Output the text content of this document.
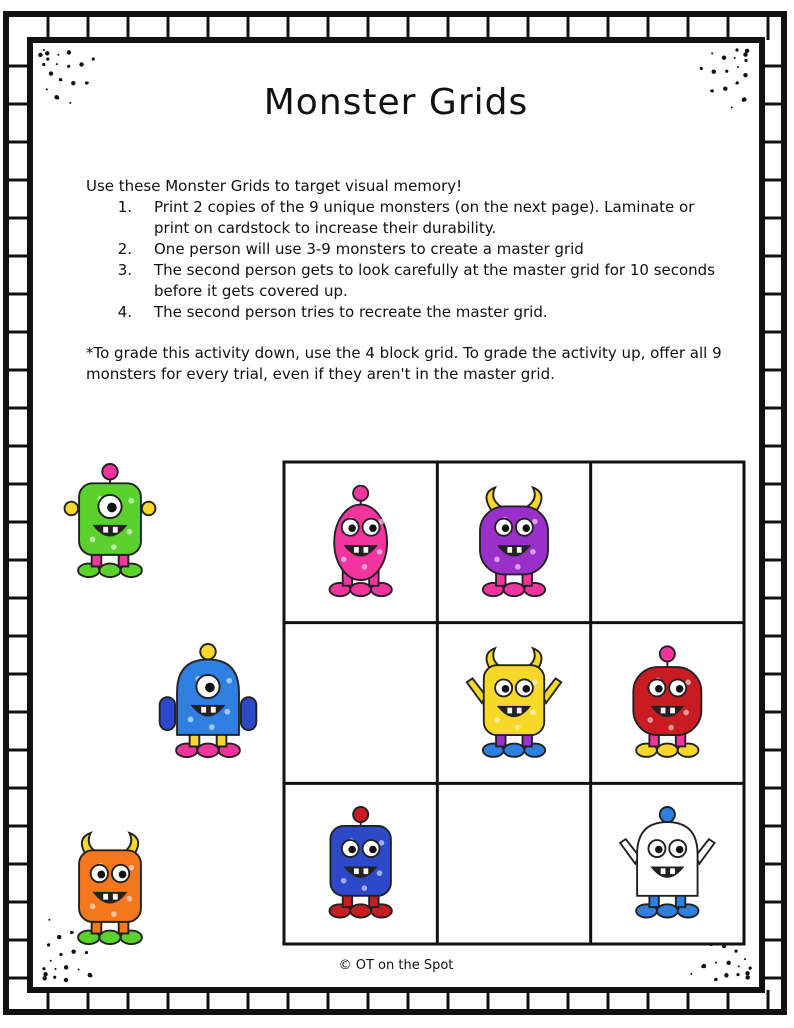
Monster Grids

Use these Monster Grids to target visual memory!

1.	Print 2 copies of the 9 unique monsters (on the next page). Laminate or print on cardstock to increase their durability.
2.	One person will use 3-9 monsters to create a master grid
3.	The second person gets to look carefully at the master grid for 10 seconds before it gets covered up.
4.	The second person tries to recreate the master grid.

*To grade this activity down, use the 4 block grid. To grade the activity up, offer all 9 monsters for every trial, even if they aren't in the master grid.

© OT on the Spot
